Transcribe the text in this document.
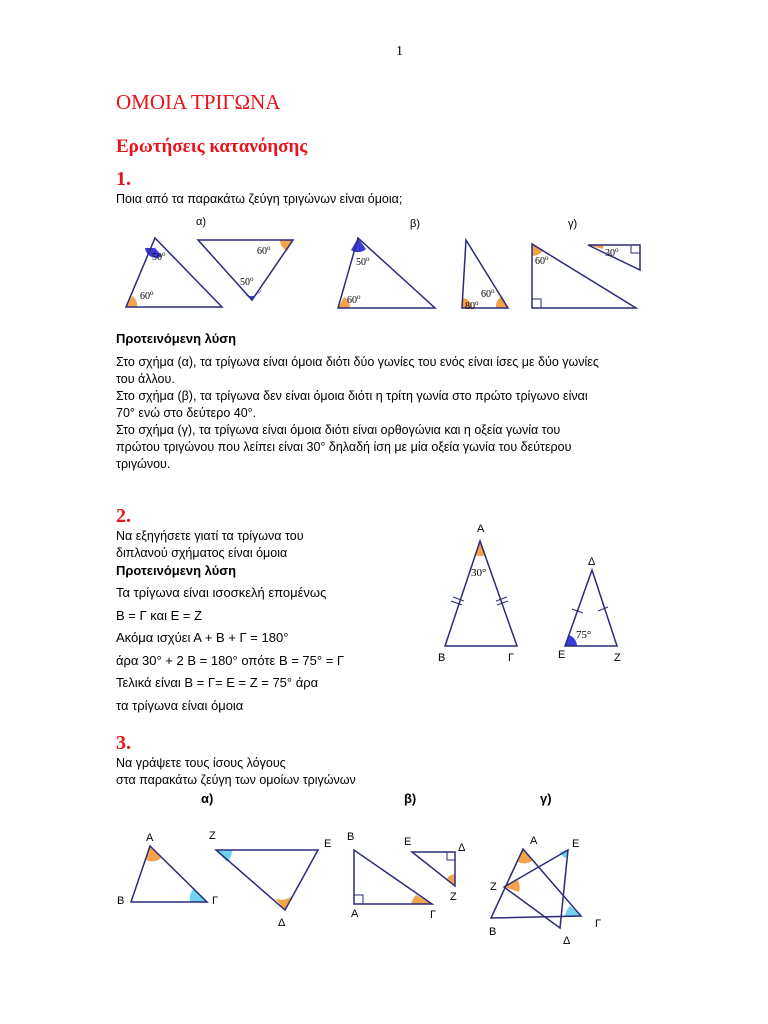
1
ΟΜΟΙΑ ΤΡΙΓΩΝΑ
Ερωτήσεις κατανόησης
1.
Ποια από τα παρακάτω ζεύγη τριγώνων είναι όμοια;
α)	β)	γ)
50$^o$
60$^o$
60$^o$
50$^o$
50$^o$
60$^o$	60$^o$
80$^o$
60$^o$	30$^o$
Προτεινόμενη λύση
Στο σχήμα (α), τα τρίγωνα είναι όμοια διότι δύο γωνίες του ενός είναι ίσες με δύο γωνίες
του άλλου.
Στο σχήμα (β), τα τρίγωνα δεν είναι όμοια διότι η τρίτη γωνία στο πρώτο τρίγωνο είναι
70° ενώ στο δεύτερο 40°.
Στο σχήμα (γ), τα τρίγωνα είναι όμοια διότι είναι ορθογώνια και η οξεία γωνία του
πρώτου τριγώνου που λείπει είναι 30° δηλαδή ίση με μία οξεία γωνία του δεύτερου
τριγώνου.
2.
Να εξηγήσετε γιατί τα τρίγωνα του
διπλανού σχήματος είναι όμοια
Προτεινόμενη λύση
Τα τρίγωνα είναι ισοσκελή επομένως
Β = Γ και Ε = Ζ
Ακόμα ισχύει Α + Β + Γ = 180°
άρα 30° + 2 Β = 180° οπότε Β = 75° = Γ
Τελικά είναι Β = Γ= Ε = Ζ = 75° άρα
τα τρίγωνα είναι όμοια
Α
Β	Γ
Δ
Ε	Ζ
30°
75°
3.
Να γράψετε τους ίσους λόγους
στα παρακάτω ζεύγη των ομοίων τριγώνων
α)	β)	γ)
Α
Β	Γ
Ζ
Ε
Δ
Β
Α	Γ
Ε	Δ
Ζ
Α	Ε
Ζ
Β
Δ
Γ
